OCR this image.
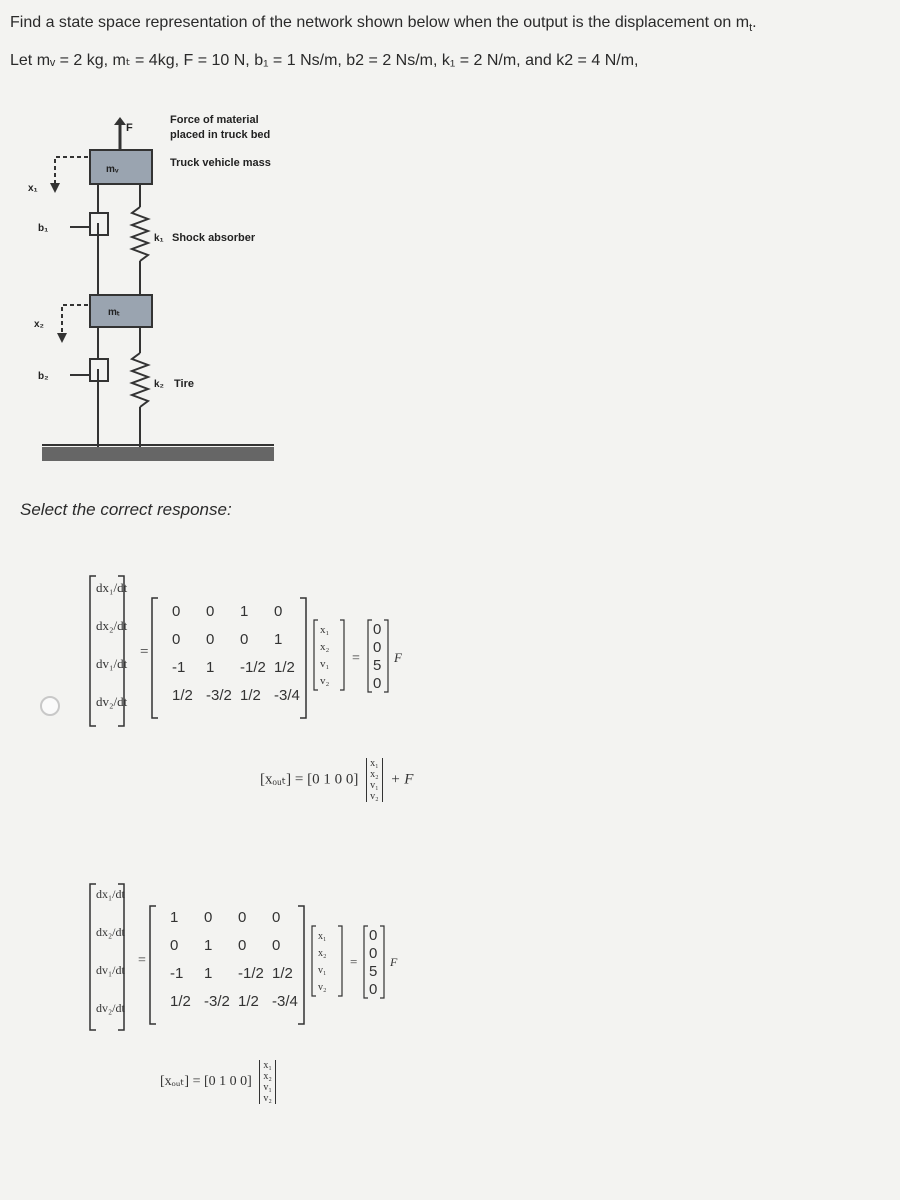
Find a state space representation of the network shown below when the output is the displacement on $m_t$.
Let mᵥ = 2 kg, mₜ = 4kg, F = 10 N, b₁ = 1 Ns/m, b2 = 2 Ns/m, k₁ = 2 N/m, and k2 = 4 N/m,
F
Force of material
placed in truck bed
Truck vehicle mass
mᵥ
x₁
b₁
k₁ Shock absorber
mₜ
x₂
b₂
k₂ Tire
Select the correct response:
dx₁/dt
dx₂/dt
dv₁/dt
dv₂/dt
=
0 0 1 0
0 0 0 1
-1 1 -1/2 1/2
1/2 -3/2 1/2 -3/4
x₁
x₂
v₁
v₂
=
0
0
5
0
F
[xₒᵤₜ] = [0 1 0 0] x₁
x₂
v₁
v₂ + F
dx₁/dt
dx₂/dt
dv₁/dt
dv₂/dt
=
1 0 0 0
0 1 0 0
-1 1 -1/2 1/2
1/2 -3/2 1/2 -3/4
x₁
x₂
v₁
v₂
=
0
0
5
0
F
[xₒᵤₜ] = [0 1 0 0] x₁
x₂
v₁
v₂
